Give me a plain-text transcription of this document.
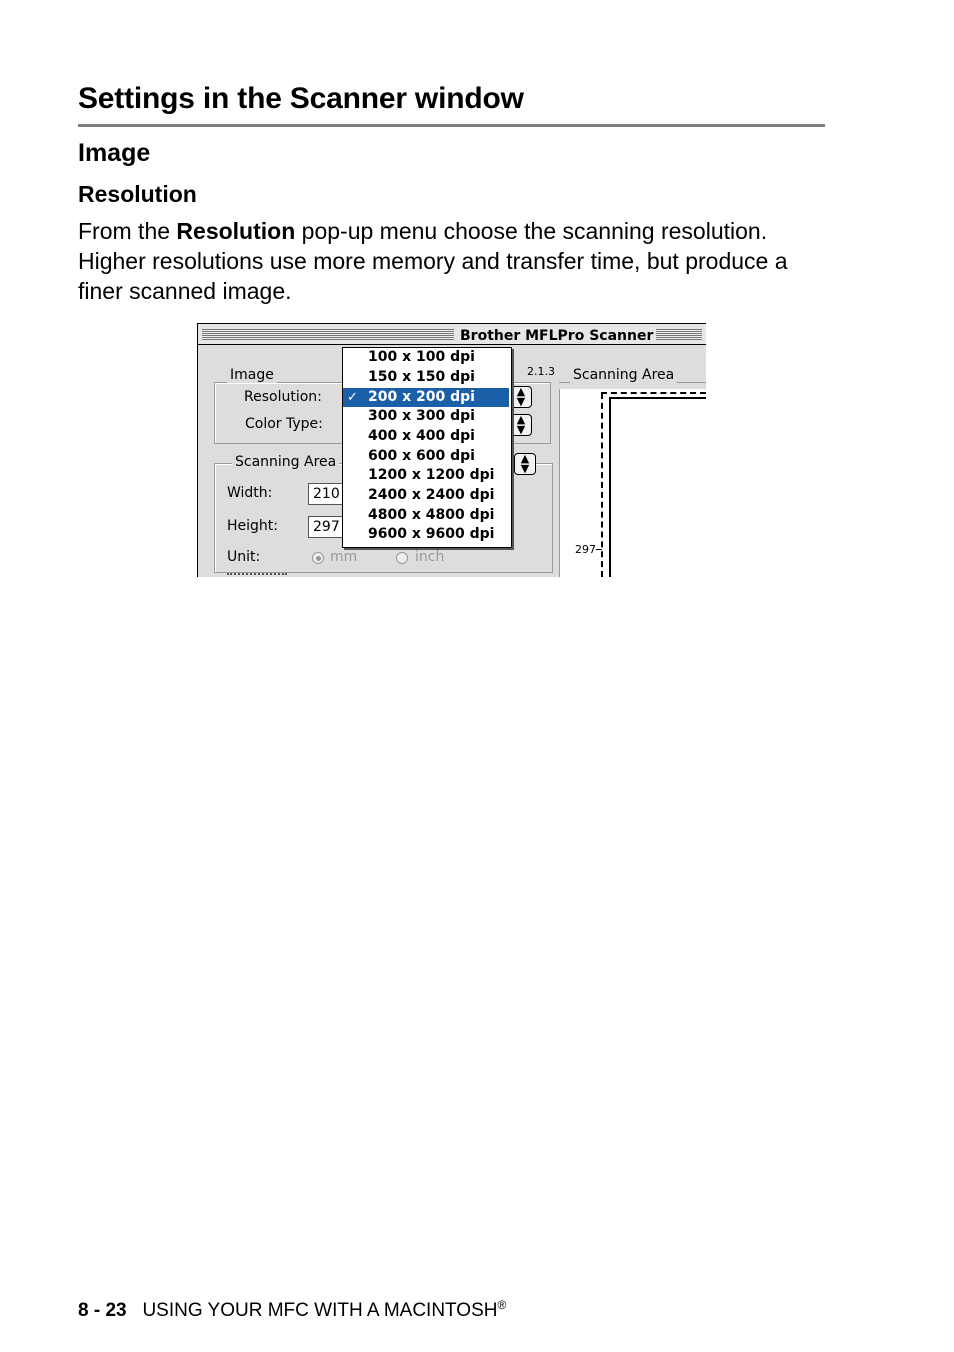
Settings in the Scanner window
Image
Resolution

From the Resolution pop-up menu choose the scanning resolution. Higher resolutions use more memory and transfer time, but produce a finer scanned image.

Brother MFLPro Scanner
Image	2.1.3
Resolution:
Color Type:
▲
▼
▲
▼
Scanning Area	▲
▼
Width:	210
Height:	297
Unit:	mm	inch
Scanning Area
297
100 x 100 dpi
150 x 150 dpi
✓ 200 x 200 dpi
300 x 300 dpi
400 x 400 dpi
600 x 600 dpi
1200 x 1200 dpi
2400 x 2400 dpi
4800 x 4800 dpi
9600 x 9600 dpi
8 - 23 USING YOUR MFC WITH A MACINTOSH®
